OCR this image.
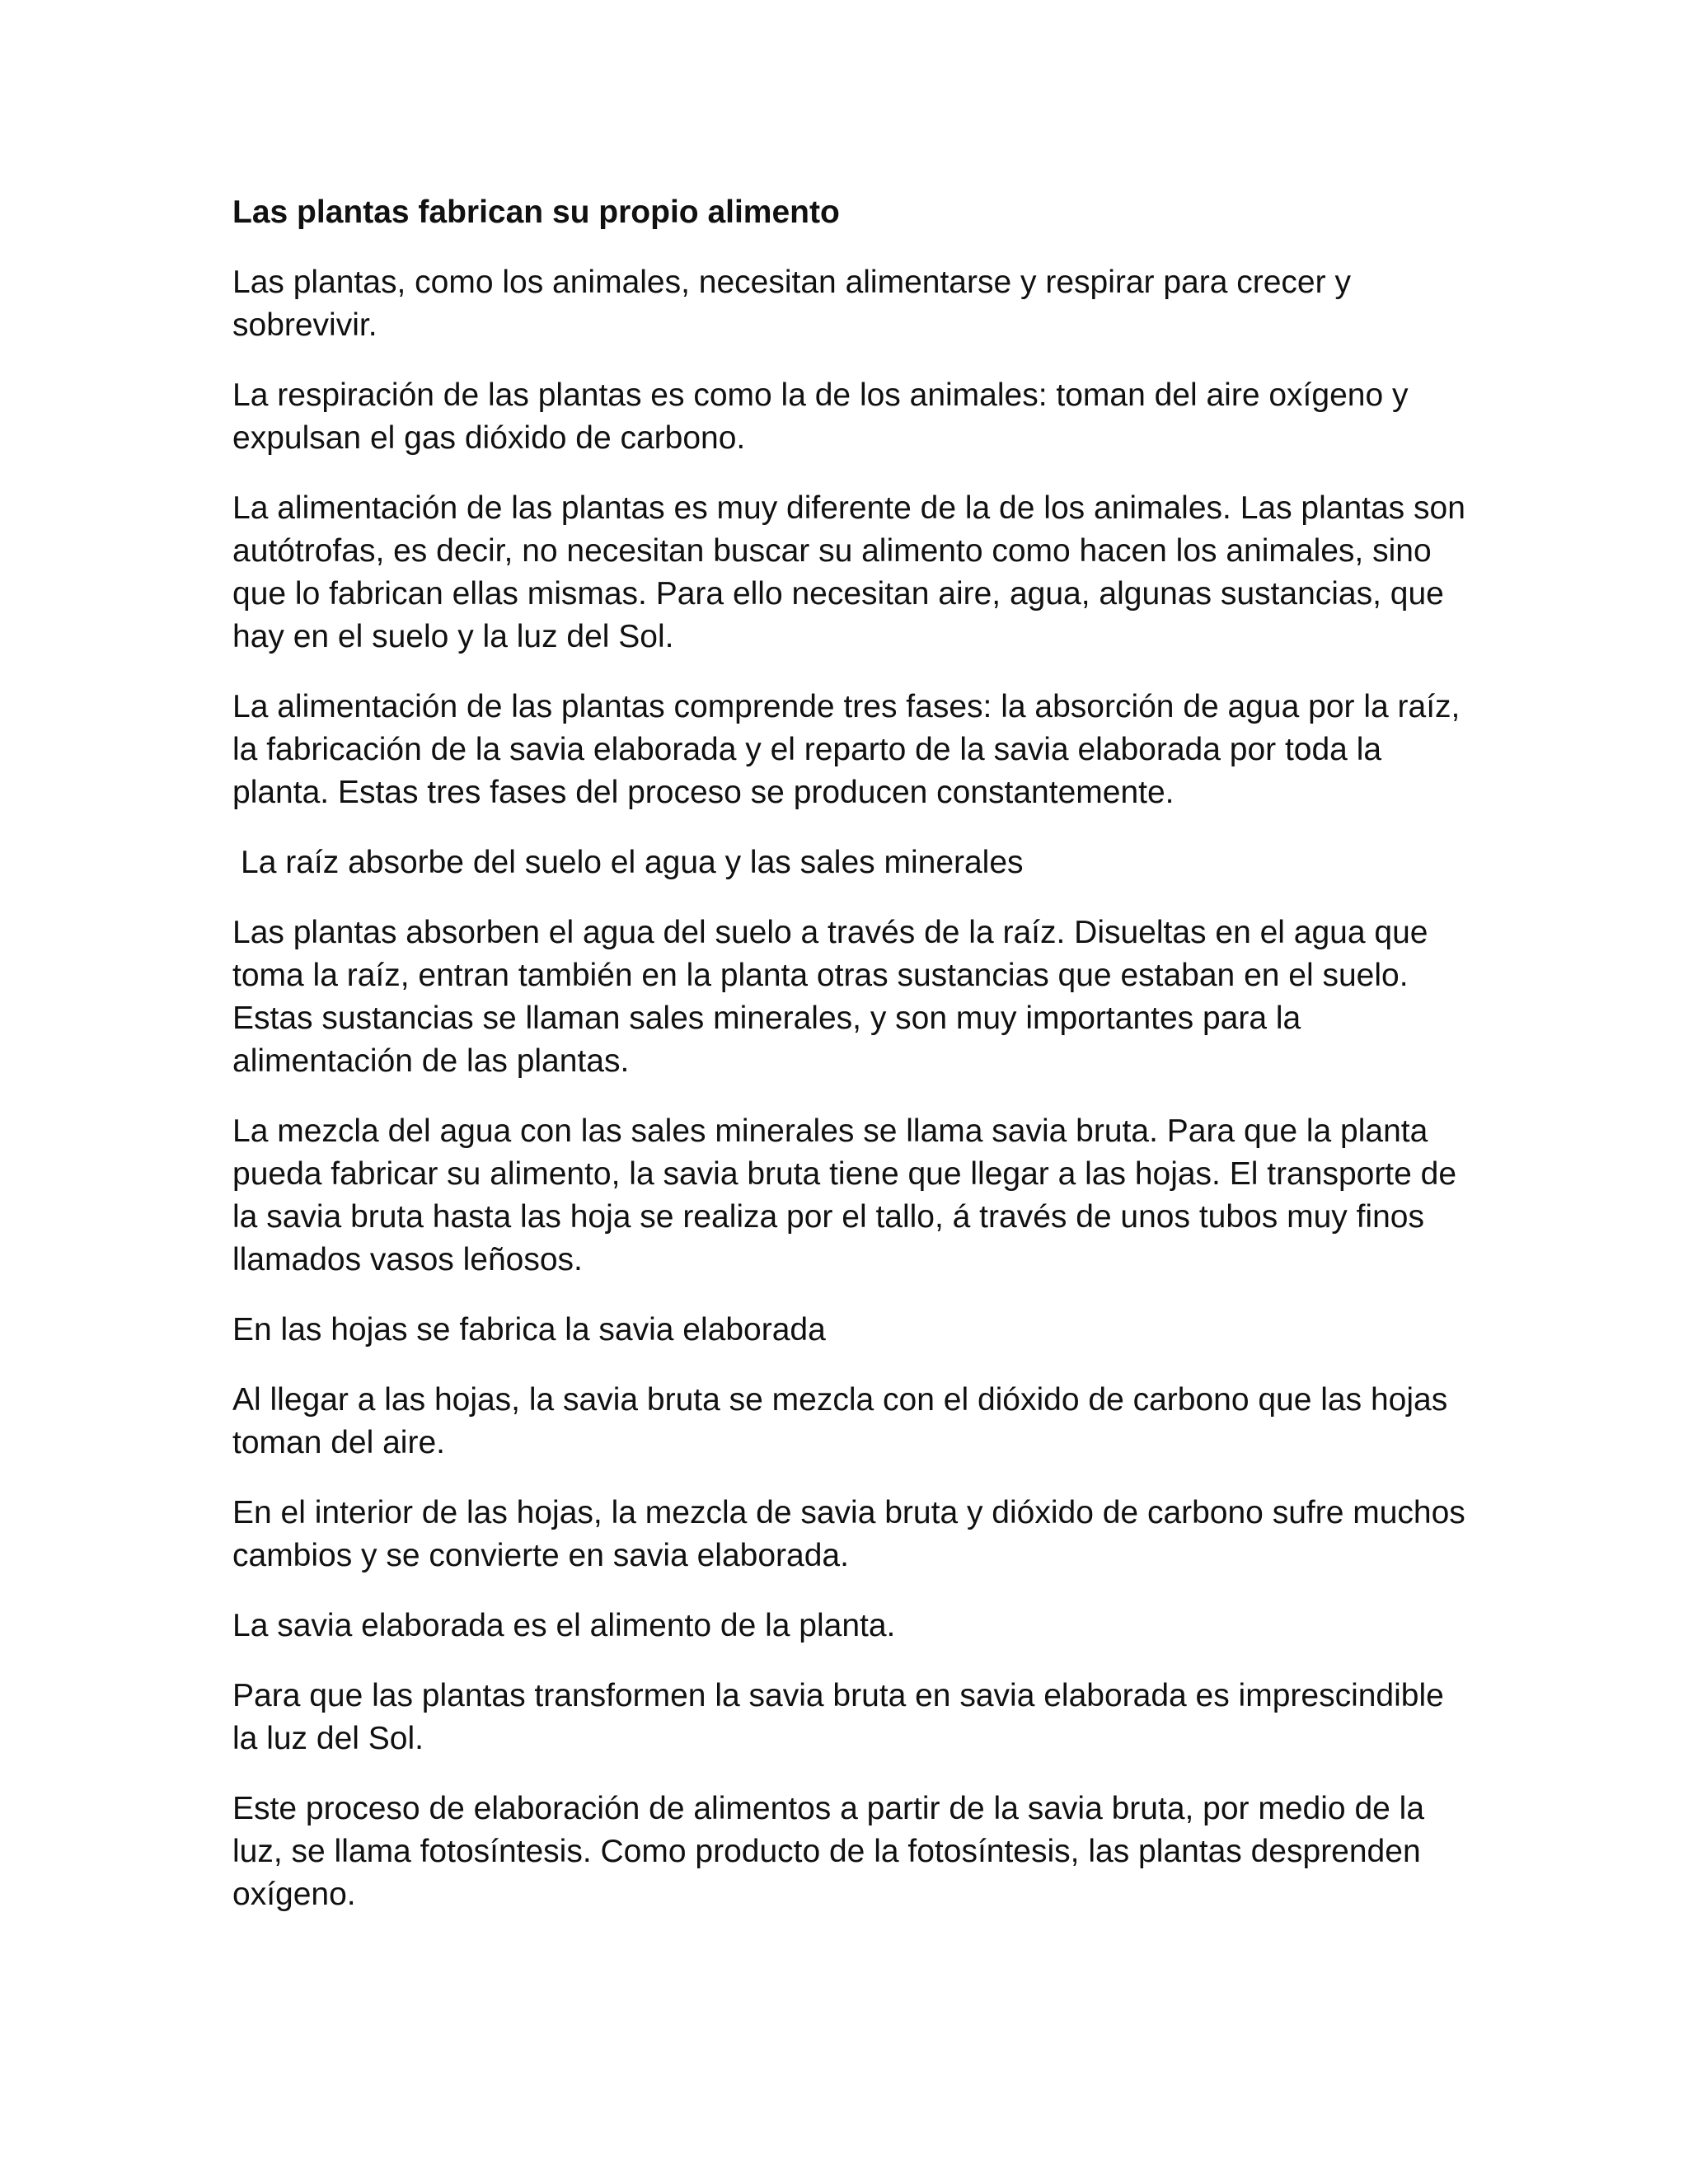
Las plantas fabrican su propio alimento

Las plantas, como los animales, necesitan alimentarse y respirar para crecer y sobrevivir.

La respiración de las plantas es como la de los animales: toman del aire oxígeno y expulsan el gas dióxido de carbono.

La alimentación de las plantas es muy diferente de la de los animales. Las plantas son autótrofas, es decir, no necesitan buscar su alimento como hacen los animales, sino que lo fabrican ellas mismas. Para ello necesitan aire, agua, algunas sustancias, que hay en el suelo y la luz del Sol.

La alimentación de las plantas comprende tres fases: la absorción de agua por la raíz, la fabricación de la savia elaborada y el reparto de la savia elaborada por toda la planta. Estas tres fases del proceso se producen constantemente.

La raíz absorbe del suelo el agua y las sales minerales

Las plantas absorben el agua del suelo a través de la raíz. Disueltas en el agua que toma la raíz, entran también en la planta otras sustancias que estaban en el suelo. Estas sustancias se llaman sales minerales, y son muy importantes para la alimentación de las plantas.

La mezcla del agua con las sales minerales se llama savia bruta. Para que la planta pueda fabricar su alimento, la savia bruta tiene que llegar a las hojas. El transporte de la savia bruta hasta las hoja se realiza por el tallo, á través de unos tubos muy finos llamados vasos leñosos.

En las hojas se fabrica la savia elaborada

Al llegar a las hojas, la savia bruta se mezcla con el dióxido de carbono que las hojas toman del aire.

En el interior de las hojas, la mezcla de savia bruta y dióxido de carbono sufre muchos cambios y se convierte en savia elaborada.

La savia elaborada es el alimento de la planta.

Para que las plantas transformen la savia bruta en savia elaborada es imprescindible la luz del Sol.

Este proceso de elaboración de alimentos a partir de la savia bruta, por medio de la luz, se llama fotosíntesis. Como producto de la fotosíntesis, las plantas desprenden oxígeno.
